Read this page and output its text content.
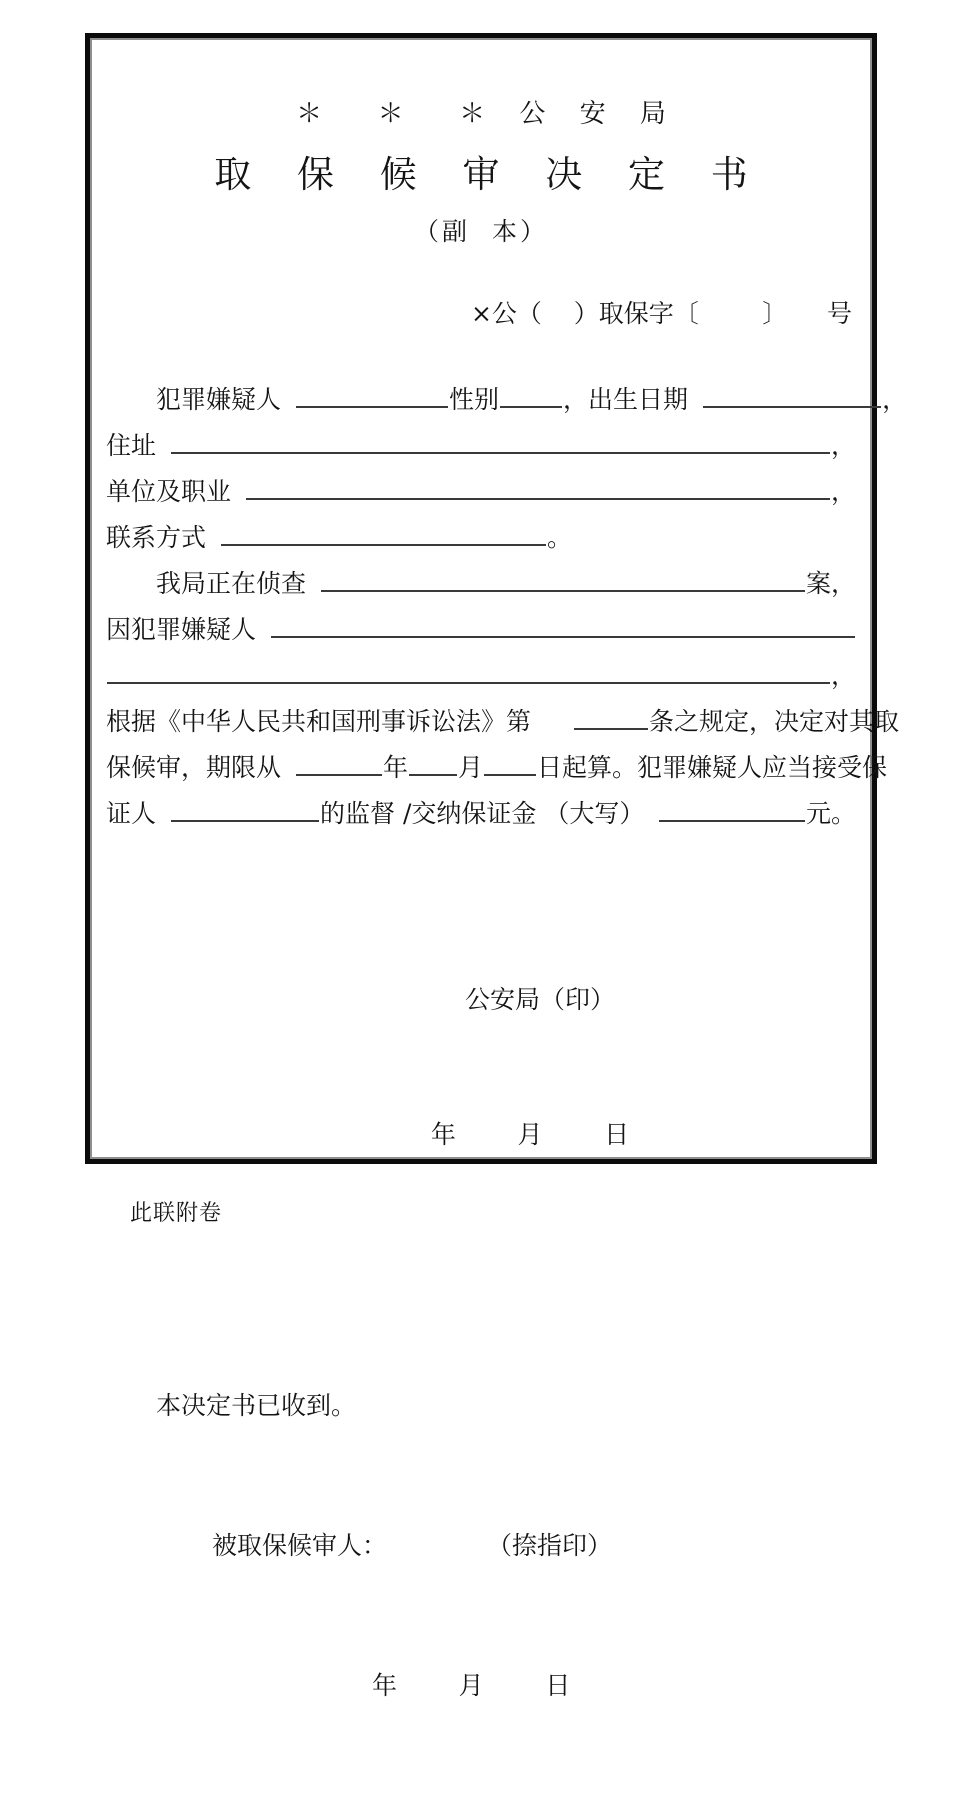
＊  ＊  ＊ 公 安 局
取 保 候 审 决 定 书
（副  本）
×公（    ）取保字〔        〕     号
犯罪嫌疑人	性别	， 出生日期	，
住址	，
单位及职业	，
联系方式	。
我局正在侦查	案，
因犯罪嫌疑人
，
根据《中华人民共和国刑事诉讼法》第	条之规定，决定对其取
保候审，期限从	年 月 日起算。犯罪嫌疑人应当接受保
证人	的监督 /交纳保证金 （大写）	元。

公安局（印）

年      月      日

本决定书已收到。

被取保候审人：	（捺指印）

年      月      日

此联附卷
